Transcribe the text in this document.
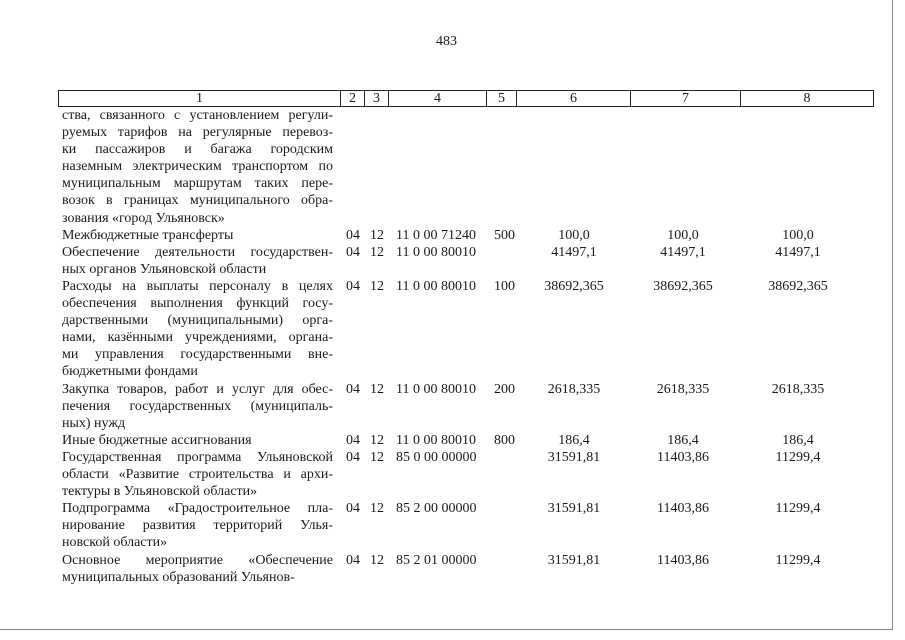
483
1	2	3	4	5	6	7	8
ства, связанного с установлением регули-
руемых тарифов на регулярные перевоз-
ки пассажиров и багажа городским
наземным электрическим транспортом по
муниципальным маршрутам таких пере-
возок в границах муниципального обра-
зования «город Ульяновск»
Межбюджетные трансферты	04 12 11 0 00 71240 500	100,0	100,0	100,0
Обеспечение деятельности государствен-
ных органов Ульяновской области
04 12 11 0 00 80010	41497,1	41497,1	41497,1
Расходы на выплаты персоналу в целях
обеспечения выполнения функций госу-
дарственными (муниципальными) орга-
нами, казёнными учреждениями, органа-
ми управления государственными вне-
бюджетными фондами
04 12 11 0 00 80010 100	38692,365	38692,365	38692,365
Закупка товаров, работ и услуг для обес-
печения государственных (муниципаль-
ных) нужд
04 12 11 0 00 80010 200	2618,335	2618,335	2618,335
Иные бюджетные ассигнования	04 12 11 0 00 80010 800	186,4	186,4	186,4
Государственная программа Ульяновской
области «Развитие строительства и архи-
тектуры в Ульяновской области»
04 12 85 0 00 00000	31591,81	11403,86	11299,4
Подпрограмма «Градостроительное пла-
нирование развития территорий Улья-
новской области»
04 12 85 2 00 00000	31591,81	11403,86	11299,4
Основное мероприятие «Обеспечение
муниципальных образований Ульянов-
04 12 85 2 01 00000	31591,81	11403,86	11299,4
